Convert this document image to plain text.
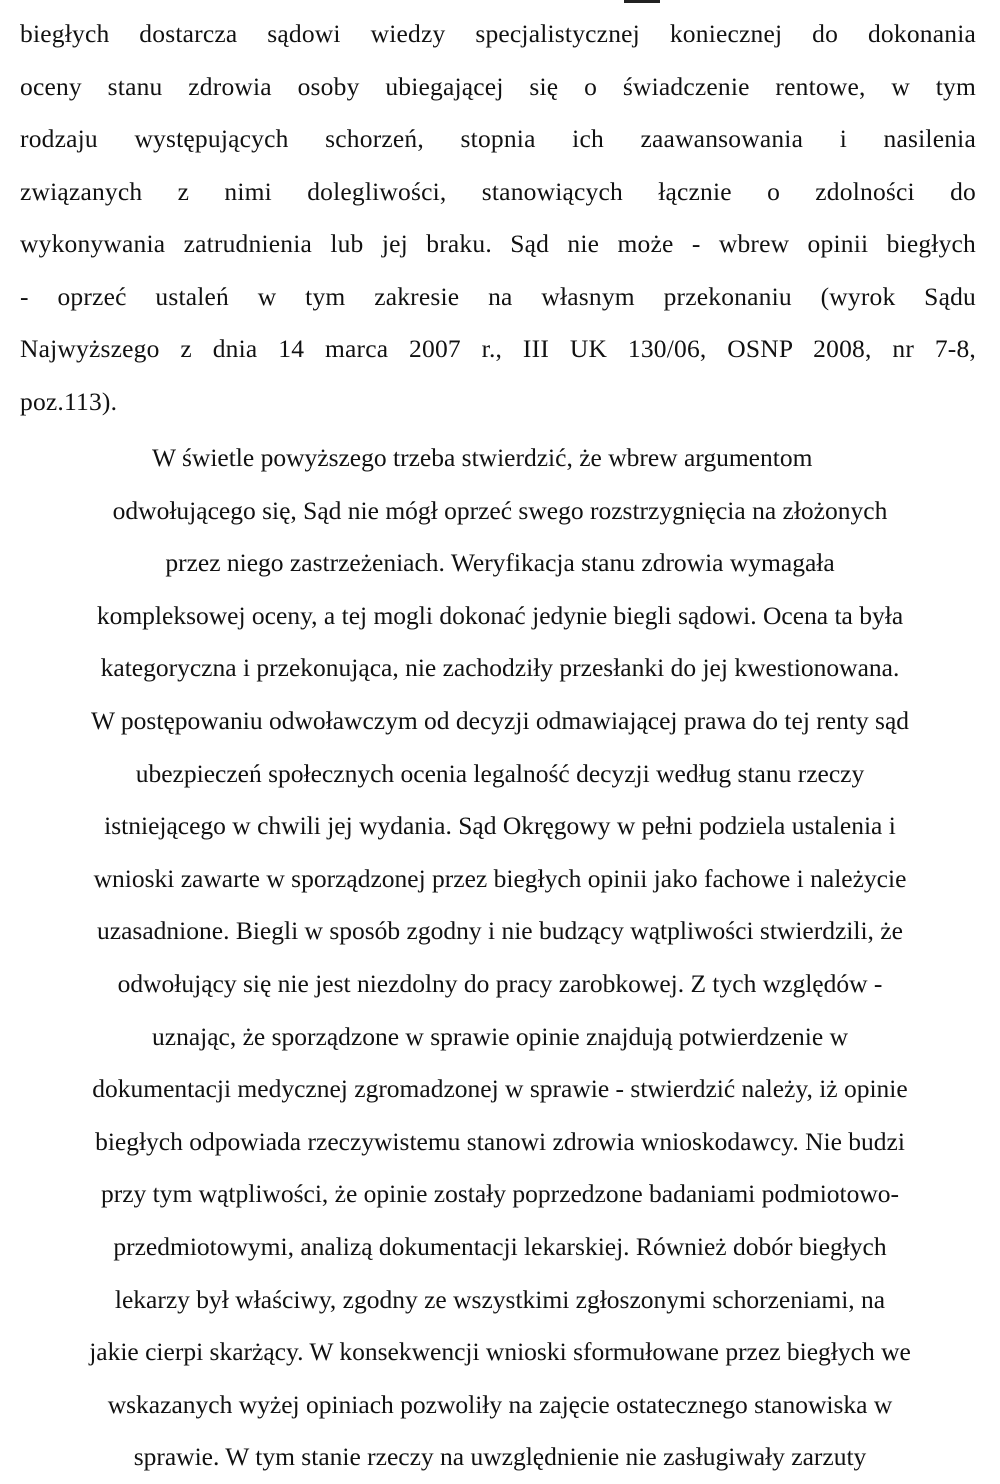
biegłych dostarcza sądowi wiedzy specjalistycznej koniecznej do dokonania
oceny stanu zdrowia osoby ubiegającej się o świadczenie rentowe, w tym
rodzaju występujących schorzeń, stopnia ich zaawansowania i nasilenia
związanych z nimi dolegliwości, stanowiących łącznie o zdolności do
wykonywania zatrudnienia lub jej braku. Sąd nie może - wbrew opinii biegłych
- oprzeć ustaleń w tym zakresie na własnym przekonaniu (wyrok Sądu
Najwyższego z dnia 14 marca 2007 r., III UK 130/06, OSNP 2008, nr 7-8,
poz.113).
W świetle powyższego trzeba stwierdzić, że wbrew argumentom
odwołującego się, Sąd nie mógł oprzeć swego rozstrzygnięcia na złożonych
przez niego zastrzeżeniach. Weryfikacja stanu zdrowia wymagała
kompleksowej oceny, a tej mogli dokonać jedynie biegli sądowi. Ocena ta była
kategoryczna i przekonująca, nie zachodziły przesłanki do jej kwestionowana.
W postępowaniu odwoławczym od decyzji odmawiającej prawa do tej renty sąd
ubezpieczeń społecznych ocenia legalność decyzji według stanu rzeczy
istniejącego w chwili jej wydania. Sąd Okręgowy w pełni podziela ustalenia i
wnioski zawarte w sporządzonej przez biegłych opinii jako fachowe i należycie
uzasadnione. Biegli w sposób zgodny i nie budzący wątpliwości stwierdzili, że
odwołujący się nie jest niezdolny do pracy zarobkowej. Z tych względów -
uznając, że sporządzone w sprawie opinie znajdują potwierdzenie w
dokumentacji medycznej zgromadzonej w sprawie - stwierdzić należy, iż opinie
biegłych odpowiada rzeczywistemu stanowi zdrowia wnioskodawcy. Nie budzi
przy tym wątpliwości, że opinie zostały poprzedzone badaniami podmiotowo-
przedmiotowymi, analizą dokumentacji lekarskiej. Również dobór biegłych
lekarzy był właściwy, zgodny ze wszystkimi zgłoszonymi schorzeniami, na
jakie cierpi skarżący. W konsekwencji wnioski sformułowane przez biegłych we
wskazanych wyżej opiniach pozwoliły na zajęcie ostatecznego stanowiska w
sprawie. W tym stanie rzeczy na uwzględnienie nie zasługiwały zarzuty
